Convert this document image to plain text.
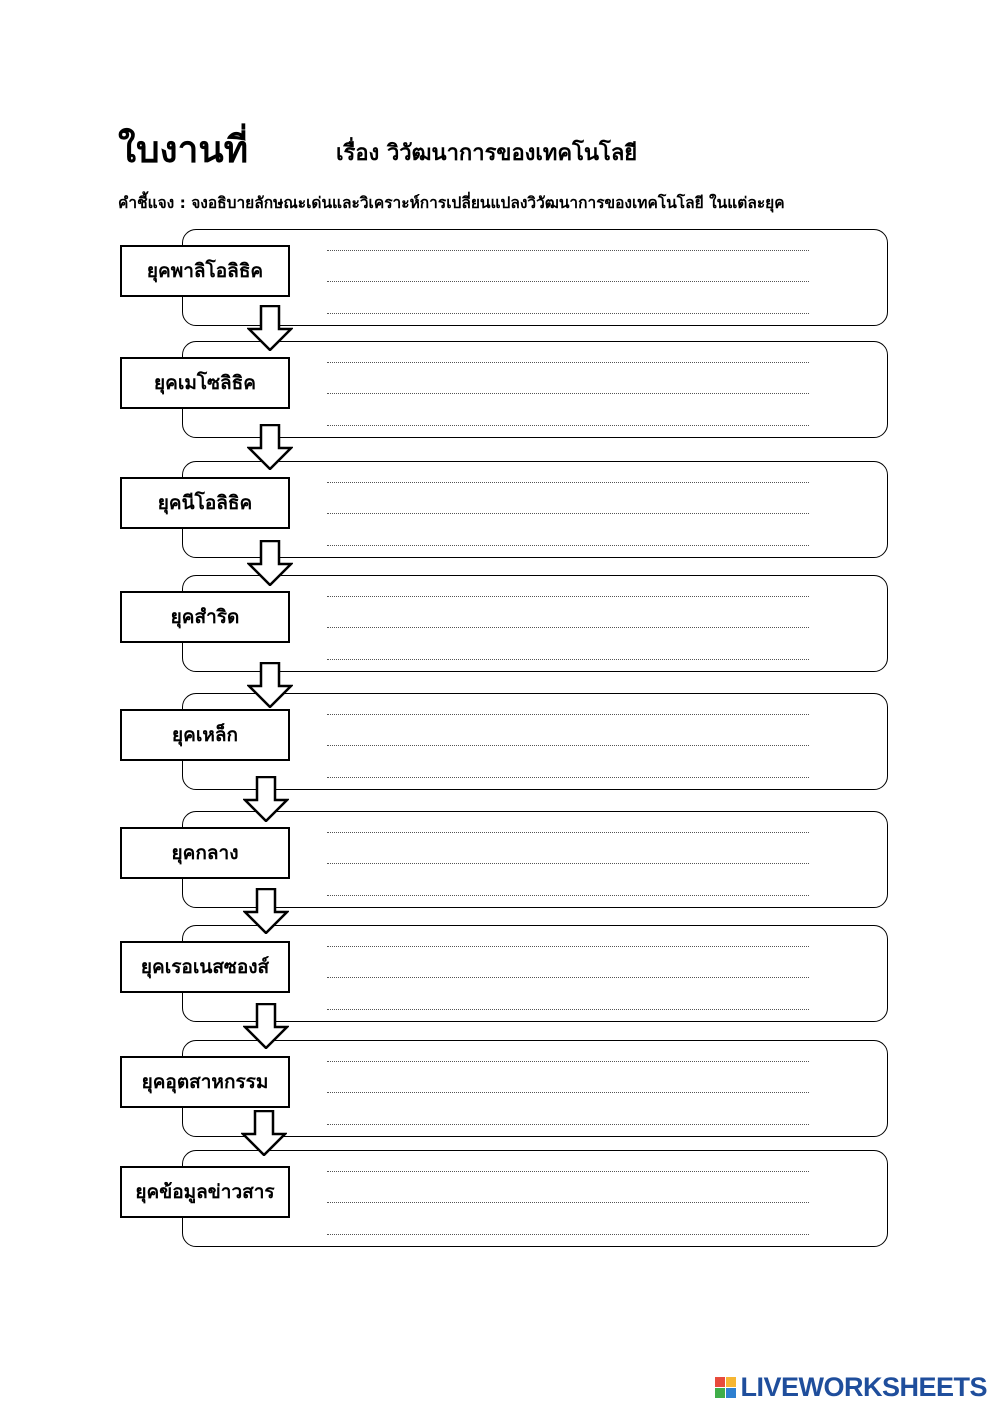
ใบงานที่	เรื่อง วิวัฒนาการของเทคโนโลยี
คำชี้แจง : จงอธิบายลักษณะเด่นและวิเคราะห์การเปลี่ยนแปลงวิวัฒนาการของเทคโนโลยี ในแต่ละยุค
ยุคพาลิโอลิธิค
ยุคเมโซลิธิค
ยุคนีโอลิธิค
ยุคสำริด
ยุคเหล็ก
ยุคกลาง
ยุคเรอเนสซองส์
ยุคอุตสาหกรรม
ยุคข้อมูลข่าวสาร
LIVEWORKSHEETS
